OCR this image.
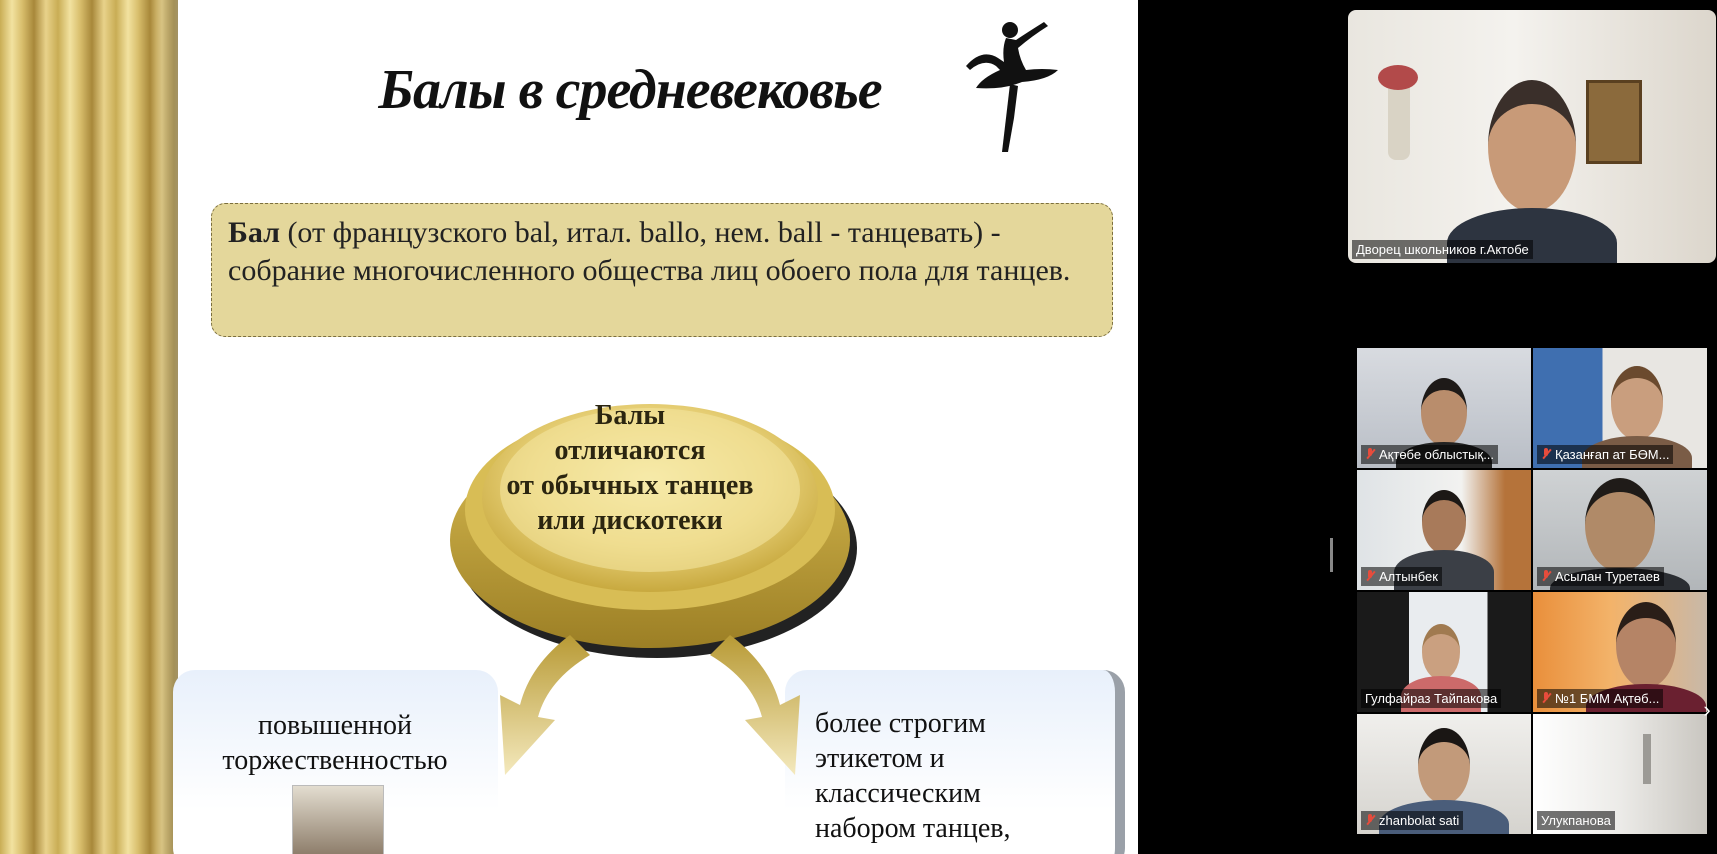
Балы в средневековье
Бал (от французского bal, итал. ballo, нем. ball - танцевать) - собрание многочисленного общества лиц обоего пола для танцев.
Балы
отличаются
от обычных танцев
или дискотеки
повышенной
торжественностью
более строгим
этикетом и
классическим
набором танцев,
Дворец школьников г.Актобе
Ақтөбе облыстық...	Қазанғап ат БӨМ...
Алтынбек	Асылан Туретаев
Гулфайраз Тайпакова	№1 БММ Ақтөб...
zhanbolat sati	Улукпанова
›
